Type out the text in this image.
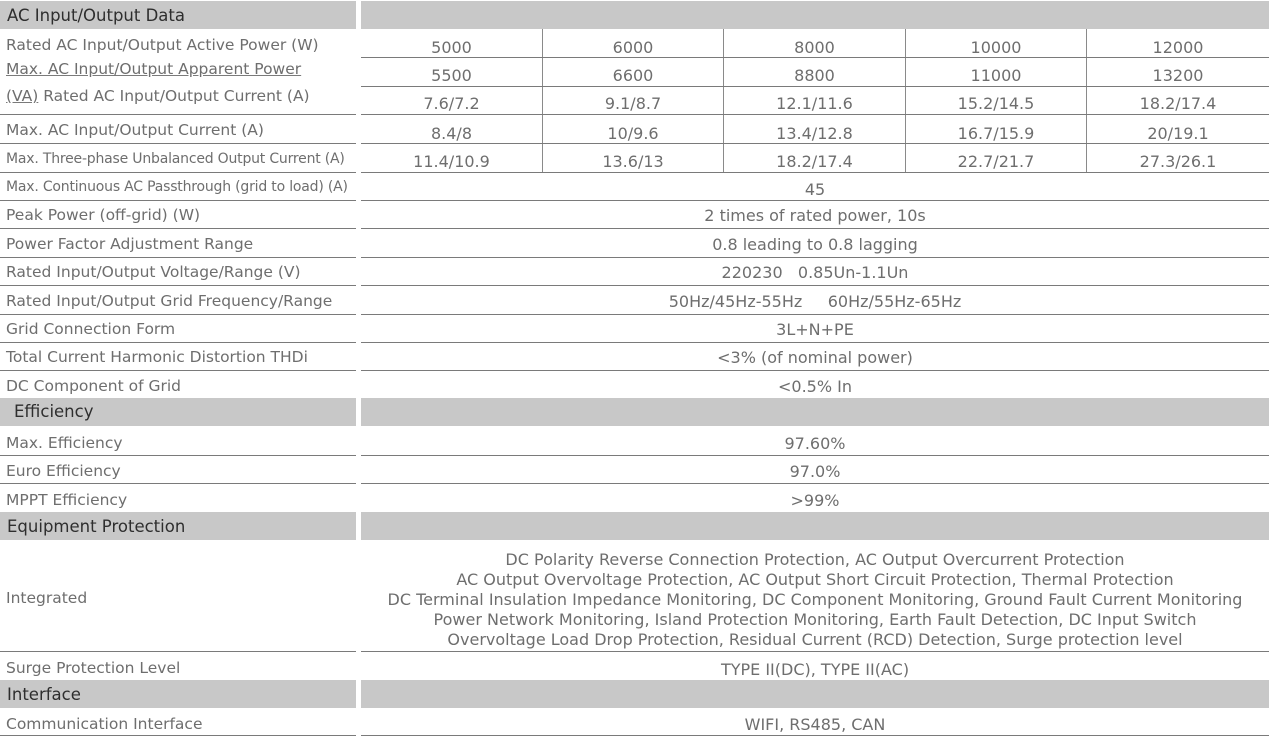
AC Input/Output Data
Rated AC Input/Output Active Power (W)	5000	6000	8000	10000	12000
Max. AC Input/Output Apparent Power	5500	6600	8800	11000	13200
(VA) Rated AC Input/Output Current (A)	7.6/7.2	9.1/8.7	12.1/11.6	15.2/14.5	18.2/17.4
Max. AC Input/Output Current (A)	8.4/8	10/9.6	13.4/12.8	16.7/15.9	20/19.1
Max. Three-phase Unbalanced Output Current (A)	11.4/10.9	13.6/13	18.2/17.4	22.7/21.7	27.3/26.1
Max. Continuous AC Passthrough (grid to load) (A)	45
Peak Power (off-grid) (W)	2 times of rated power, 10s
Power Factor Adjustment Range	0.8 leading to 0.8 lagging
Rated Input/Output Voltage/Range (V)	220230   0.85Un-1.1Un
Rated Input/Output Grid Frequency/Range	50Hz/45Hz-55Hz     60Hz/55Hz-65Hz
Grid Connection Form	3L+N+PE
Total Current Harmonic Distortion THDi	<3% (of nominal power)
DC Component of Grid	<0.5% In
Efficiency
Max. Efficiency	97.60%
Euro Efficiency	97.0%
MPPT Efficiency	>99%
Equipment Protection
Integrated
DC Polarity Reverse Connection Protection, AC Output Overcurrent Protection
AC Output Overvoltage Protection, AC Output Short Circuit Protection, Thermal Protection
DC Terminal Insulation Impedance Monitoring, DC Component Monitoring, Ground Fault Current Monitoring
Power Network Monitoring, Island Protection Monitoring, Earth Fault Detection, DC Input Switch
Overvoltage Load Drop Protection, Residual Current (RCD) Detection, Surge protection level
Surge Protection Level	TYPE II(DC), TYPE II(AC)
Interface
Communication Interface	WIFI, RS485, CAN
